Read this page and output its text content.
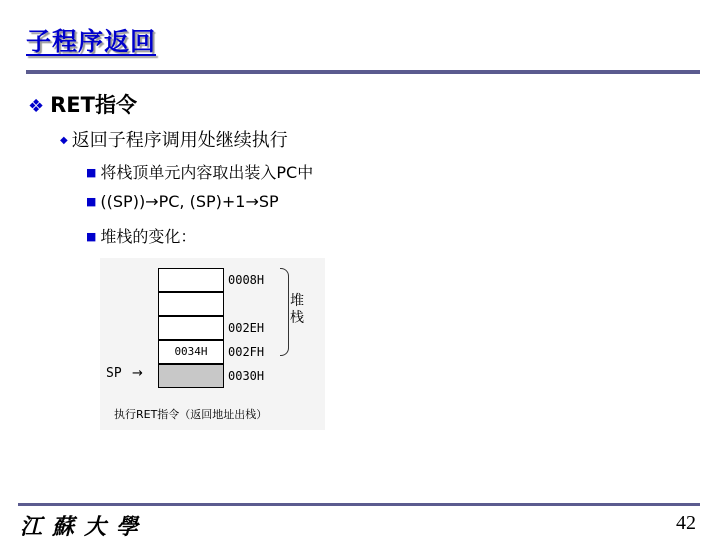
子程序返回
❖ RET指令
◆ 返回子程序调用处继续执行
■ 将栈顶单元内容取出装入PC中
■ ((SP))→PC, (SP)+1→SP
■ 堆栈的变化：
0034H
0008H
002EH
002FH
0030H
堆栈
SP →
执行RET指令（返回地址出栈）
江蘇大學	42
